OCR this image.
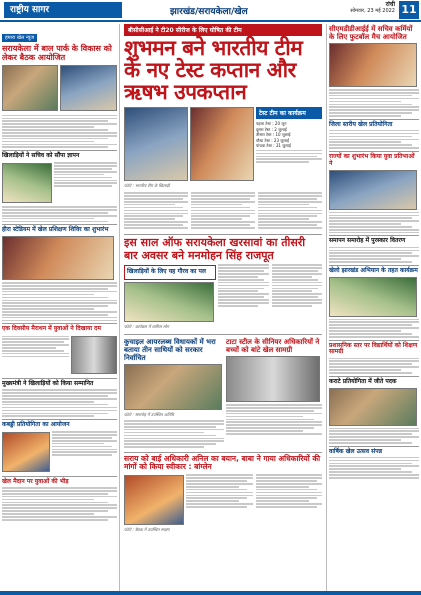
राष्ट्रीय सागर	झारखंड/सरायकेला/खेल
रांची
सोमवार, 23 मई 2022 11
हमारा खेल न्यूज
सरायकेला में बाल पार्क के विकास को लेकर बैठक आयोजित
खिलाड़ियों ने सचिव को सौंपा ज्ञापन
हीरा स्टेडियम में खेल प्रशिक्षण शिविर का शुभारंभ
एक दिवसीय मैराथन में युवाओं ने दिखाया दम
मुख्यमंत्री ने खिलाड़ियों को किया सम्मानित
कबड्डी प्रतियोगिता का आयोजन
खेल मैदान पर युवाओं की भीड़
बीसीसीआई ने टी20 सीरीज के लिए घोषित की टीम
शुभमन बने भारतीय टीम के नए टेस्ट कप्तान और ऋषभ उपकप्तान
टेस्ट टीम का कार्यक्रम
पहला टेस्ट : 20 जून
दूसरा टेस्ट : 2 जुलाई
तीसरा टेस्ट : 10 जुलाई
चौथा टेस्ट : 23 जुलाई
पांचवा टेस्ट : 31 जुलाई
फोटो : भारतीय टीम के खिलाड़ी
इस साल ऑफ सरायकेला खरसावां का तीसरी बार अवसर बने मनमोहन सिंह राजपूत
खिलाड़ियों के लिए यह गौरव का पल
फोटो : कार्यक्रम में शामिल लोग
कुचाइल आयरलब्ध विधायकों में भरा बताया तीन साथियों को सरकार निर्वाचित
फोटो : समारोह में उपस्थित अतिथि
टाटा स्टील के सीनियर अधिकारियों ने बच्चों को बांटे खेल सामग्री
सराय को बाई अधिकारी अनिल का बयान, बाबा ने गाया अधिकारियों की मांगों को किया स्वीकार : बांग्लेन
फोटो : बैठक में उपस्थित सदस्य
सीएमडीडीआईई में सचिव कर्मियों के लिए फुटबॉल मैच आयोजित
जिला स्तरीय खेल प्रतियोगिता
राज्यों का शुभारंभ किया युवा प्रतिभाओं ने
समापन समारोह में पुरस्कार वितरण
खेलो झारखंड अभियान के तहत कार्यक्रम
प्रशासनिक स्तर पर विद्यार्थियों को शिक्षण सामग्री
कराटे प्रतियोगिता में जीते पदक
वार्षिक खेल उत्सव संपन्न
